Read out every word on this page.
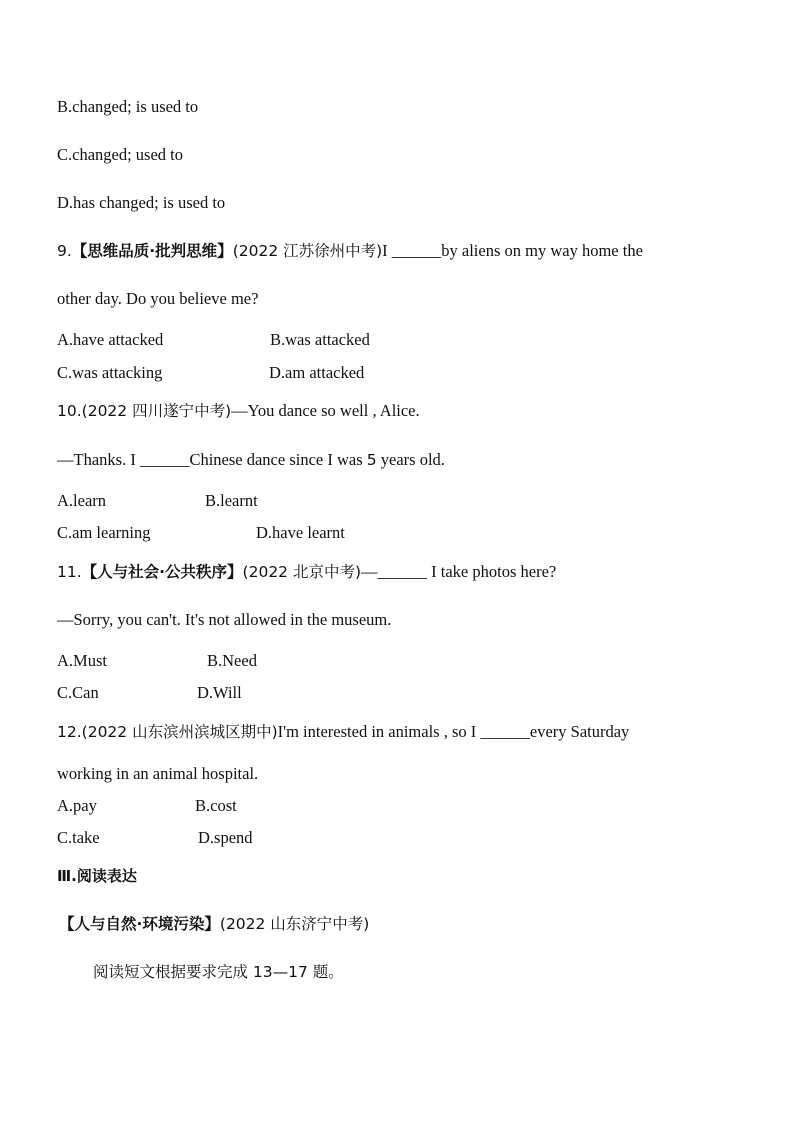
B.changed; is used to
C.changed; used to
D.has changed; is used to
9.【思维品质·批判思维】(2022 江苏徐州中考)I ______by aliens on my way home the
other day. Do you believe me?
A.have attacked	B.was attacked
C.was attacking	D.am attacked
10.(2022 四川遂宁中考)—You dance so well , Alice.
—Thanks. I ______Chinese dance since I was 5 years old.
A.learn	B.learnt
C.am learning	D.have learnt
11.【人与社会·公共秩序】(2022 北京中考)—______ I take photos here?
—Sorry, you can't. It's not allowed in the museum.
A.Must	B.Need
C.Can	D.Will
12.(2022 山东滨州滨城区期中)I'm interested in animals , so I ______every Saturday
working in an animal hospital.
A.pay	B.cost
C.take	D.spend
Ⅲ.阅读表达
【人与自然·环境污染】(2022 山东济宁中考)
阅读短文根据要求完成 13—17 题。
